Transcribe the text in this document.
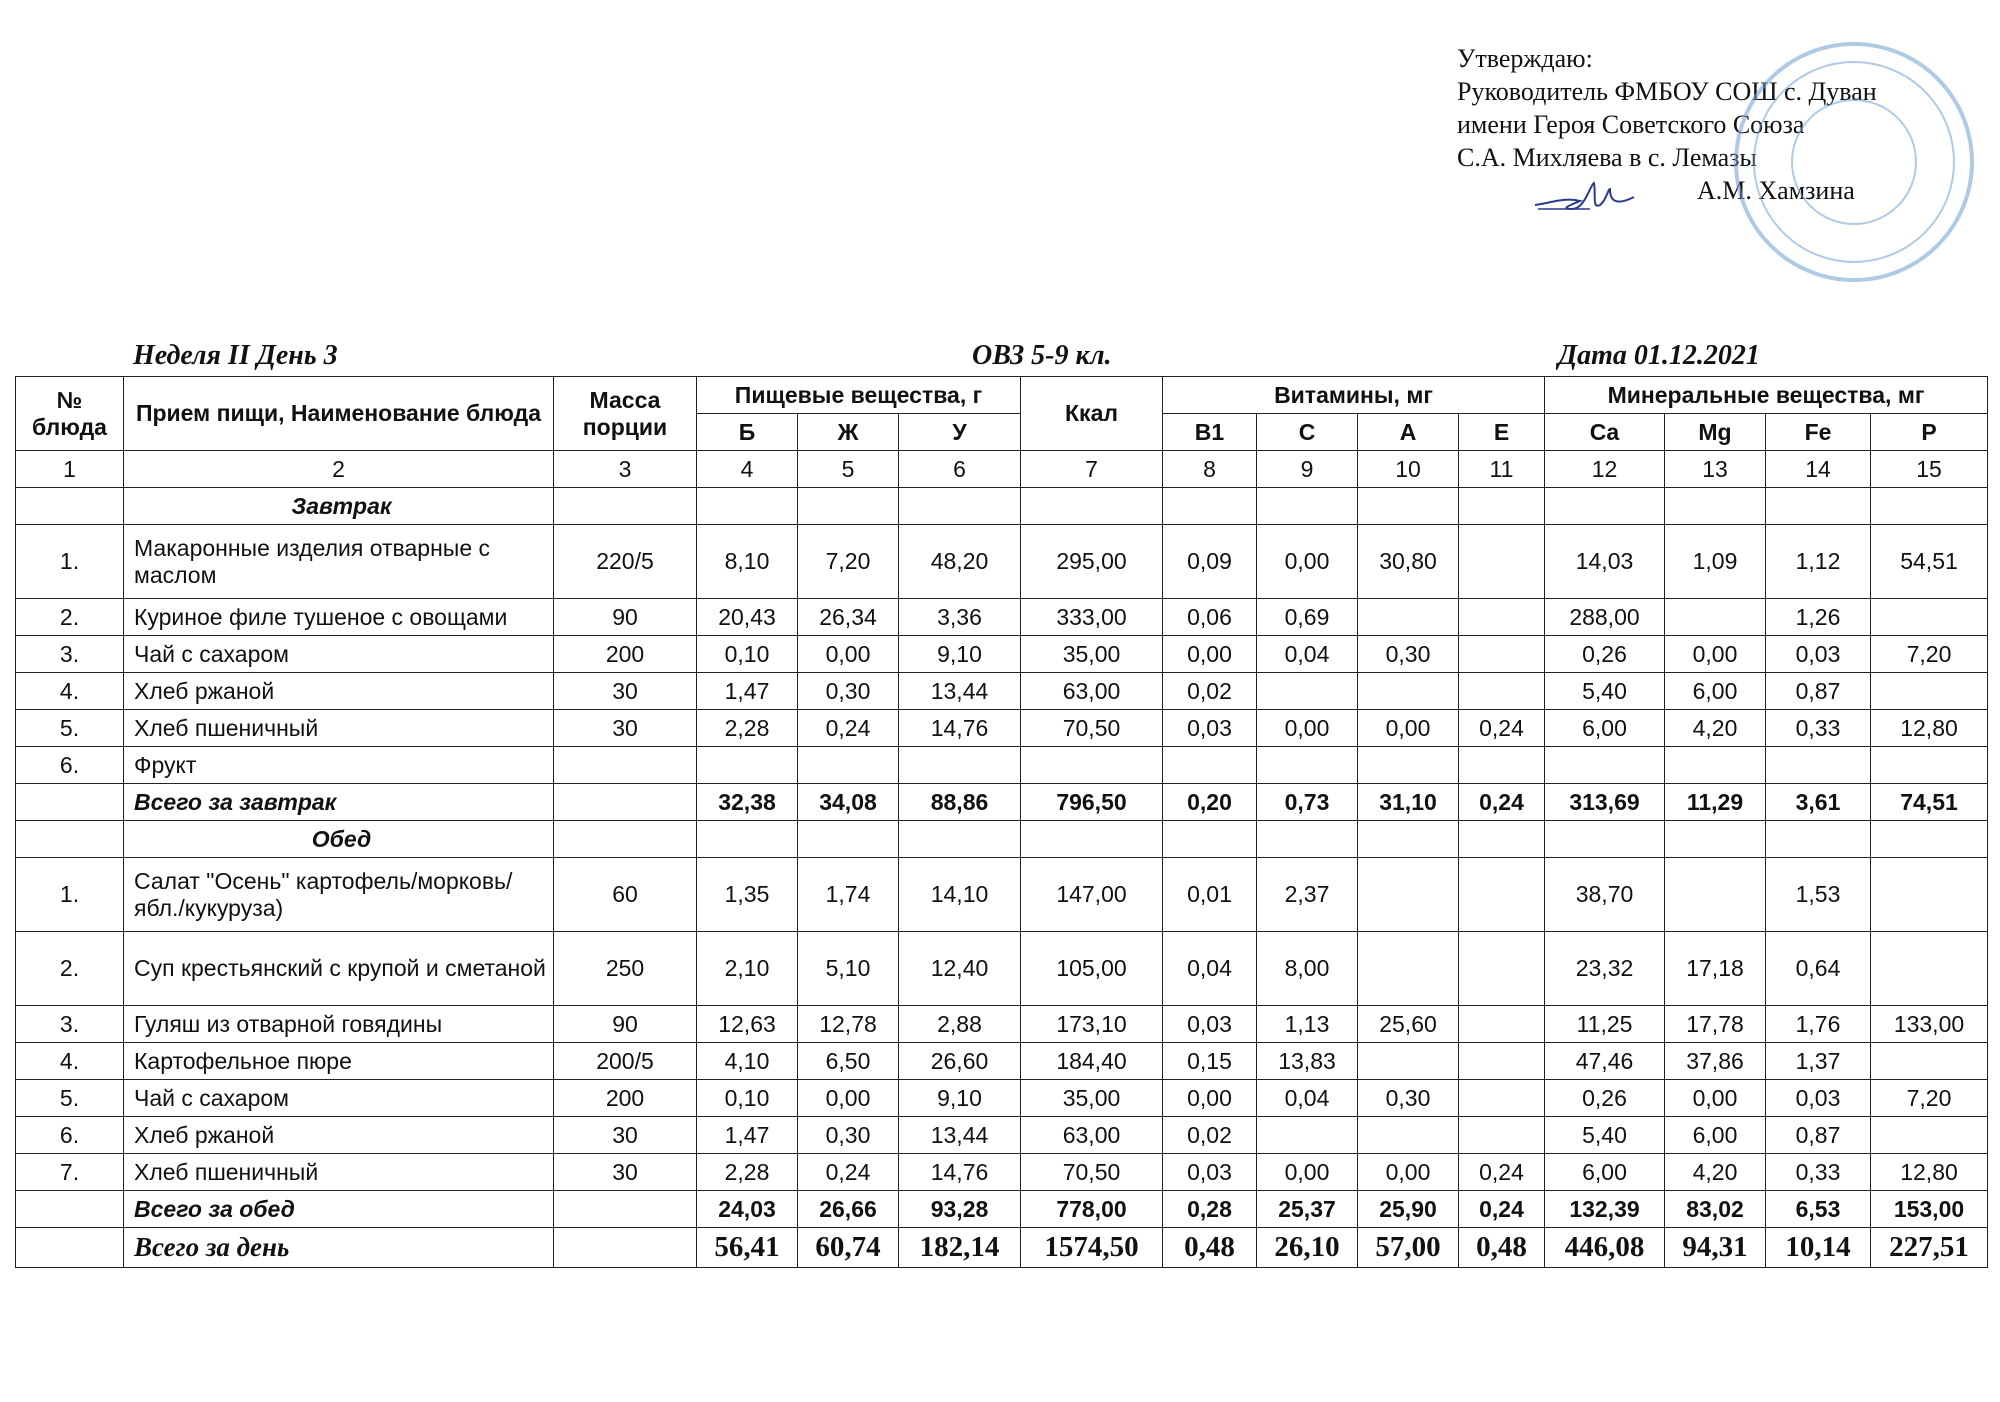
Утверждаю:
Руководитель ФМБОУ СОШ с. Дуван
имени Героя Советского Союза
С.А. Михляева в с. Лемазы
А.М. Хамзина
Неделя II День 3	ОВЗ 5-9 кл.	Дата 01.12.2021
№ блюда	Прием пищи, Наименование блюда	Масса порции	Пищевые вещества, г			Ккал	Витамины, мг				Минеральные вещества, мг			
			Б	Ж	У		В1	С	А	Е	Ca	Mg	Fe	P
1	2	3	4	5	6	7	8	9	10	11	12	13	14	15
	Завтрак													
1.	Макаронные изделия отварные с маслом	220/5	8,10	7,20	48,20	295,00	0,09	0,00	30,80		14,03	1,09	1,12	54,51
2.	Куриное филе тушеное с овощами	90	20,43	26,34	3,36	333,00	0,06	0,69			288,00		1,26	
3.	Чай с сахаром	200	0,10	0,00	9,10	35,00	0,00	0,04	0,30		0,26	0,00	0,03	7,20
4.	Хлеб ржаной	30	1,47	0,30	13,44	63,00	0,02				5,40	6,00	0,87	
5.	Хлеб пшеничный	30	2,28	0,24	14,76	70,50	0,03	0,00	0,00	0,24	6,00	4,20	0,33	12,80
6.	Фрукт													
	Всего за завтрак		32,38	34,08	88,86	796,50	0,20	0,73	31,10	0,24	313,69	11,29	3,61	74,51
	Обед													
1.	Салат "Осень" картофель/морковь/ябл./кукуруза)	60	1,35	1,74	14,10	147,00	0,01	2,37			38,70		1,53	
2.	Суп крестьянский с крупой и сметаной	250	2,10	5,10	12,40	105,00	0,04	8,00			23,32	17,18	0,64	
3.	Гуляш из отварной говядины	90	12,63	12,78	2,88	173,10	0,03	1,13	25,60		11,25	17,78	1,76	133,00
4.	Картофельное пюре	200/5	4,10	6,50	26,60	184,40	0,15	13,83			47,46	37,86	1,37	
5.	Чай с сахаром	200	0,10	0,00	9,10	35,00	0,00	0,04	0,30		0,26	0,00	0,03	7,20
6.	Хлеб ржаной	30	1,47	0,30	13,44	63,00	0,02				5,40	6,00	0,87	
7.	Хлеб пшеничный	30	2,28	0,24	14,76	70,50	0,03	0,00	0,00	0,24	6,00	4,20	0,33	12,80
	Всего за обед		24,03	26,66	93,28	778,00	0,28	25,37	25,90	0,24	132,39	83,02	6,53	153,00
	Всего за день		56,41	60,74	182,14	1574,50	0,48	26,10	57,00	0,48	446,08	94,31	10,14	227,51
